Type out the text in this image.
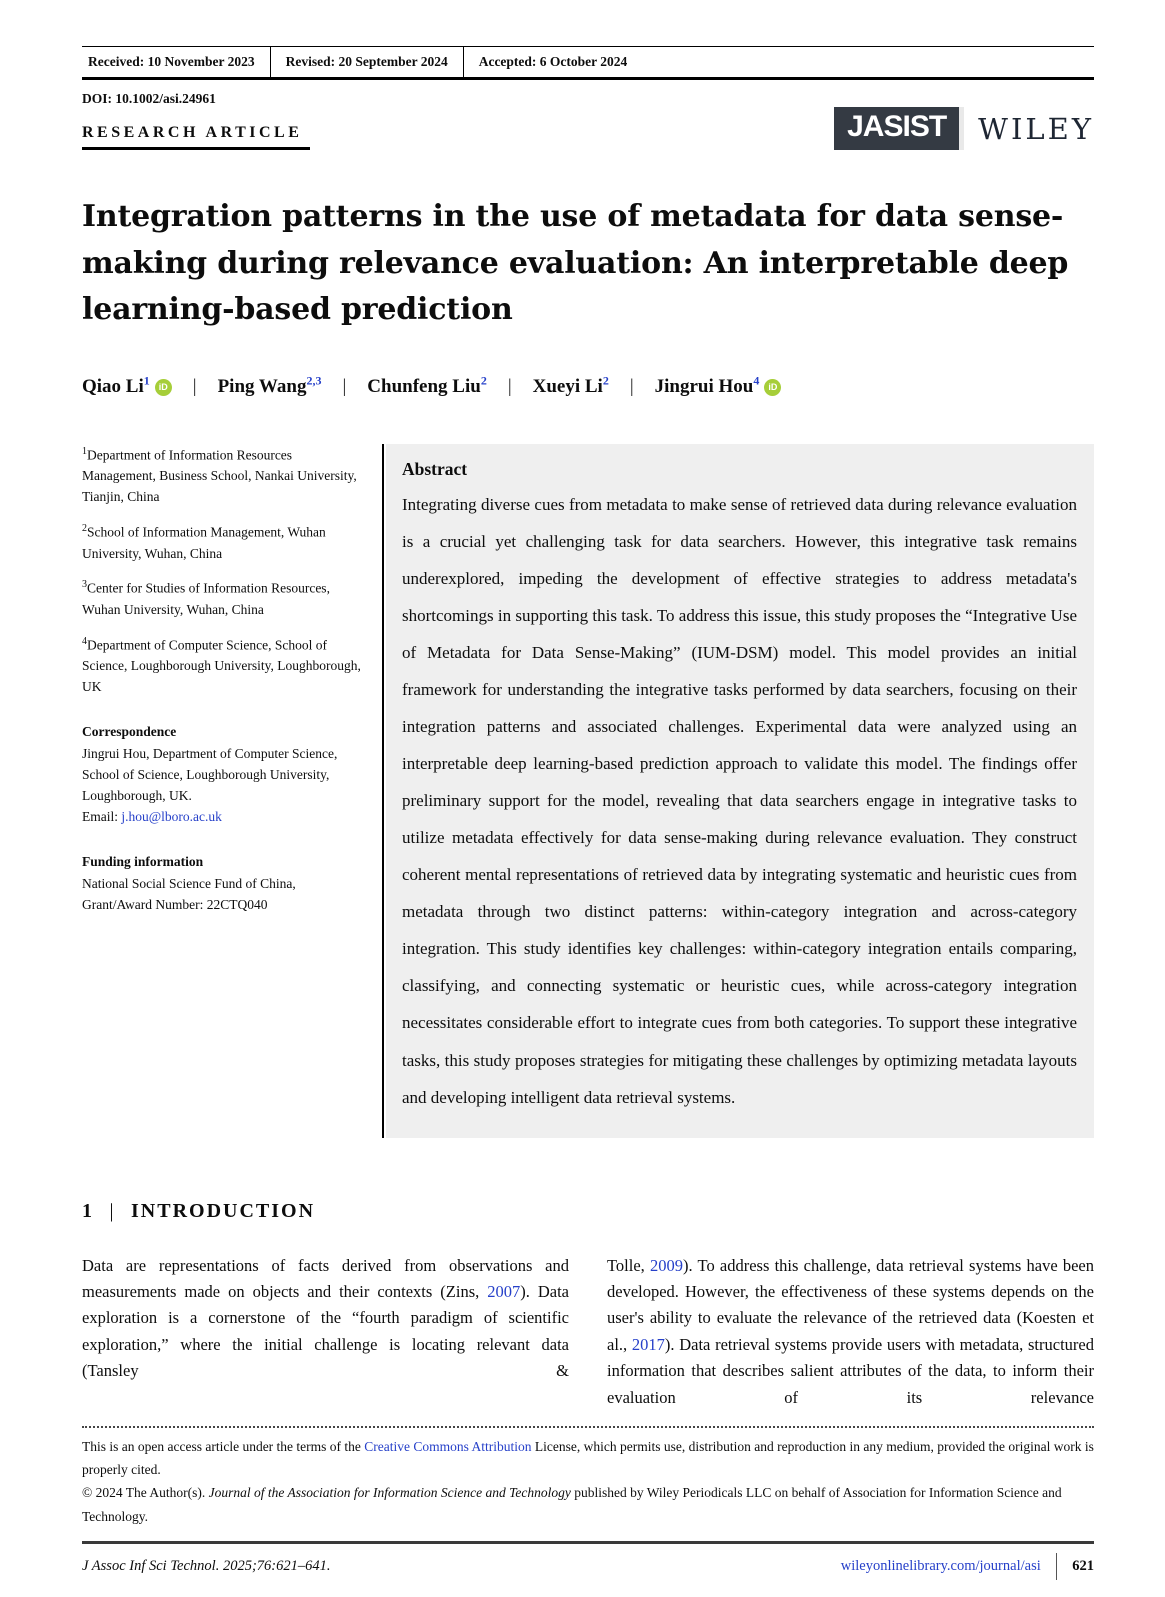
Received: 10 November 2023	Revised: 20 September 2024	Accepted: 6 October 2024
DOI: 10.1002/asi.24961
RESEARCH ARTICLE	JASIST	WILEY
Integration patterns in the use of metadata for data sense-making during relevance evaluation: An interpretable deep learning-based prediction
Qiao Li$^1$ iD | Ping Wang$^{2,3}$ | Chunfeng Liu$^2$ | Xueyi Li$^2$ | Jingrui Hou$^4$ iD

$^1$Department of Information Resources Management, Business School, Nankai University, Tianjin, China

$^2$School of Information Management, Wuhan University, Wuhan, China

$^3$Center for Studies of Information Resources, Wuhan University, Wuhan, China

$^4$Department of Computer Science, School of Science, Loughborough University, Loughborough, UK

Correspondence

Jingrui Hou, Department of Computer Science, School of Science, Loughborough University, Loughborough, UK.
Email: j.hou@lboro.ac.uk

Funding information

National Social Science Fund of China, Grant/Award Number: 22CTQ040

Abstract
Integrating diverse cues from metadata to make sense of retrieved data during relevance evaluation is a crucial yet challenging task for data searchers. However, this integrative task remains underexplored, impeding the development of effective strategies to address metadata's shortcomings in supporting this task. To address this issue, this study proposes the “Integrative Use of Metadata for Data Sense-Making” (IUM-DSM) model. This model provides an initial framework for understanding the integrative tasks performed by data searchers, focusing on their integration patterns and associated challenges. Experimental data were analyzed using an interpretable deep learning-based prediction approach to validate this model. The findings offer preliminary support for the model, revealing that data searchers engage in integrative tasks to utilize metadata effectively for data sense-making during relevance evaluation. They construct coherent mental representations of retrieved data by integrating systematic and heuristic cues from metadata through two distinct patterns: within-category integration and across-category integration. This study identifies key challenges: within-category integration entails comparing, classifying, and connecting systematic or heuristic cues, while across-category integration necessitates considerable effort to integrate cues from both categories. To support these integrative tasks, this study proposes strategies for mitigating these challenges by optimizing metadata layouts and developing intelligent data retrieval systems.
1 | INTRODUCTION

Data are representations of facts derived from observations and measurements made on objects and their contexts (Zins, 2007). Data exploration is a cornerstone of the “fourth paradigm of scientific exploration,” where the initial challenge is locating relevant data (Tansley &

Tolle, 2009). To address this challenge, data retrieval systems have been developed. However, the effectiveness of these systems depends on the user's ability to evaluate the relevance of the retrieved data (Koesten et al., 2017). Data retrieval systems provide users with metadata, structured information that describes salient attributes of the data, to inform their evaluation of its relevance

This is an open access article under the terms of the Creative Commons Attribution License, which permits use, distribution and reproduction in any medium, provided the original work is properly cited.

© 2024 The Author(s). Journal of the Association for Information Science and Technology published by Wiley Periodicals LLC on behalf of Association for Information Science and Technology.

J Assoc Inf Sci Technol. 2025;76:621–641.	wileyonlinelibrary.com/journal/asi 621
